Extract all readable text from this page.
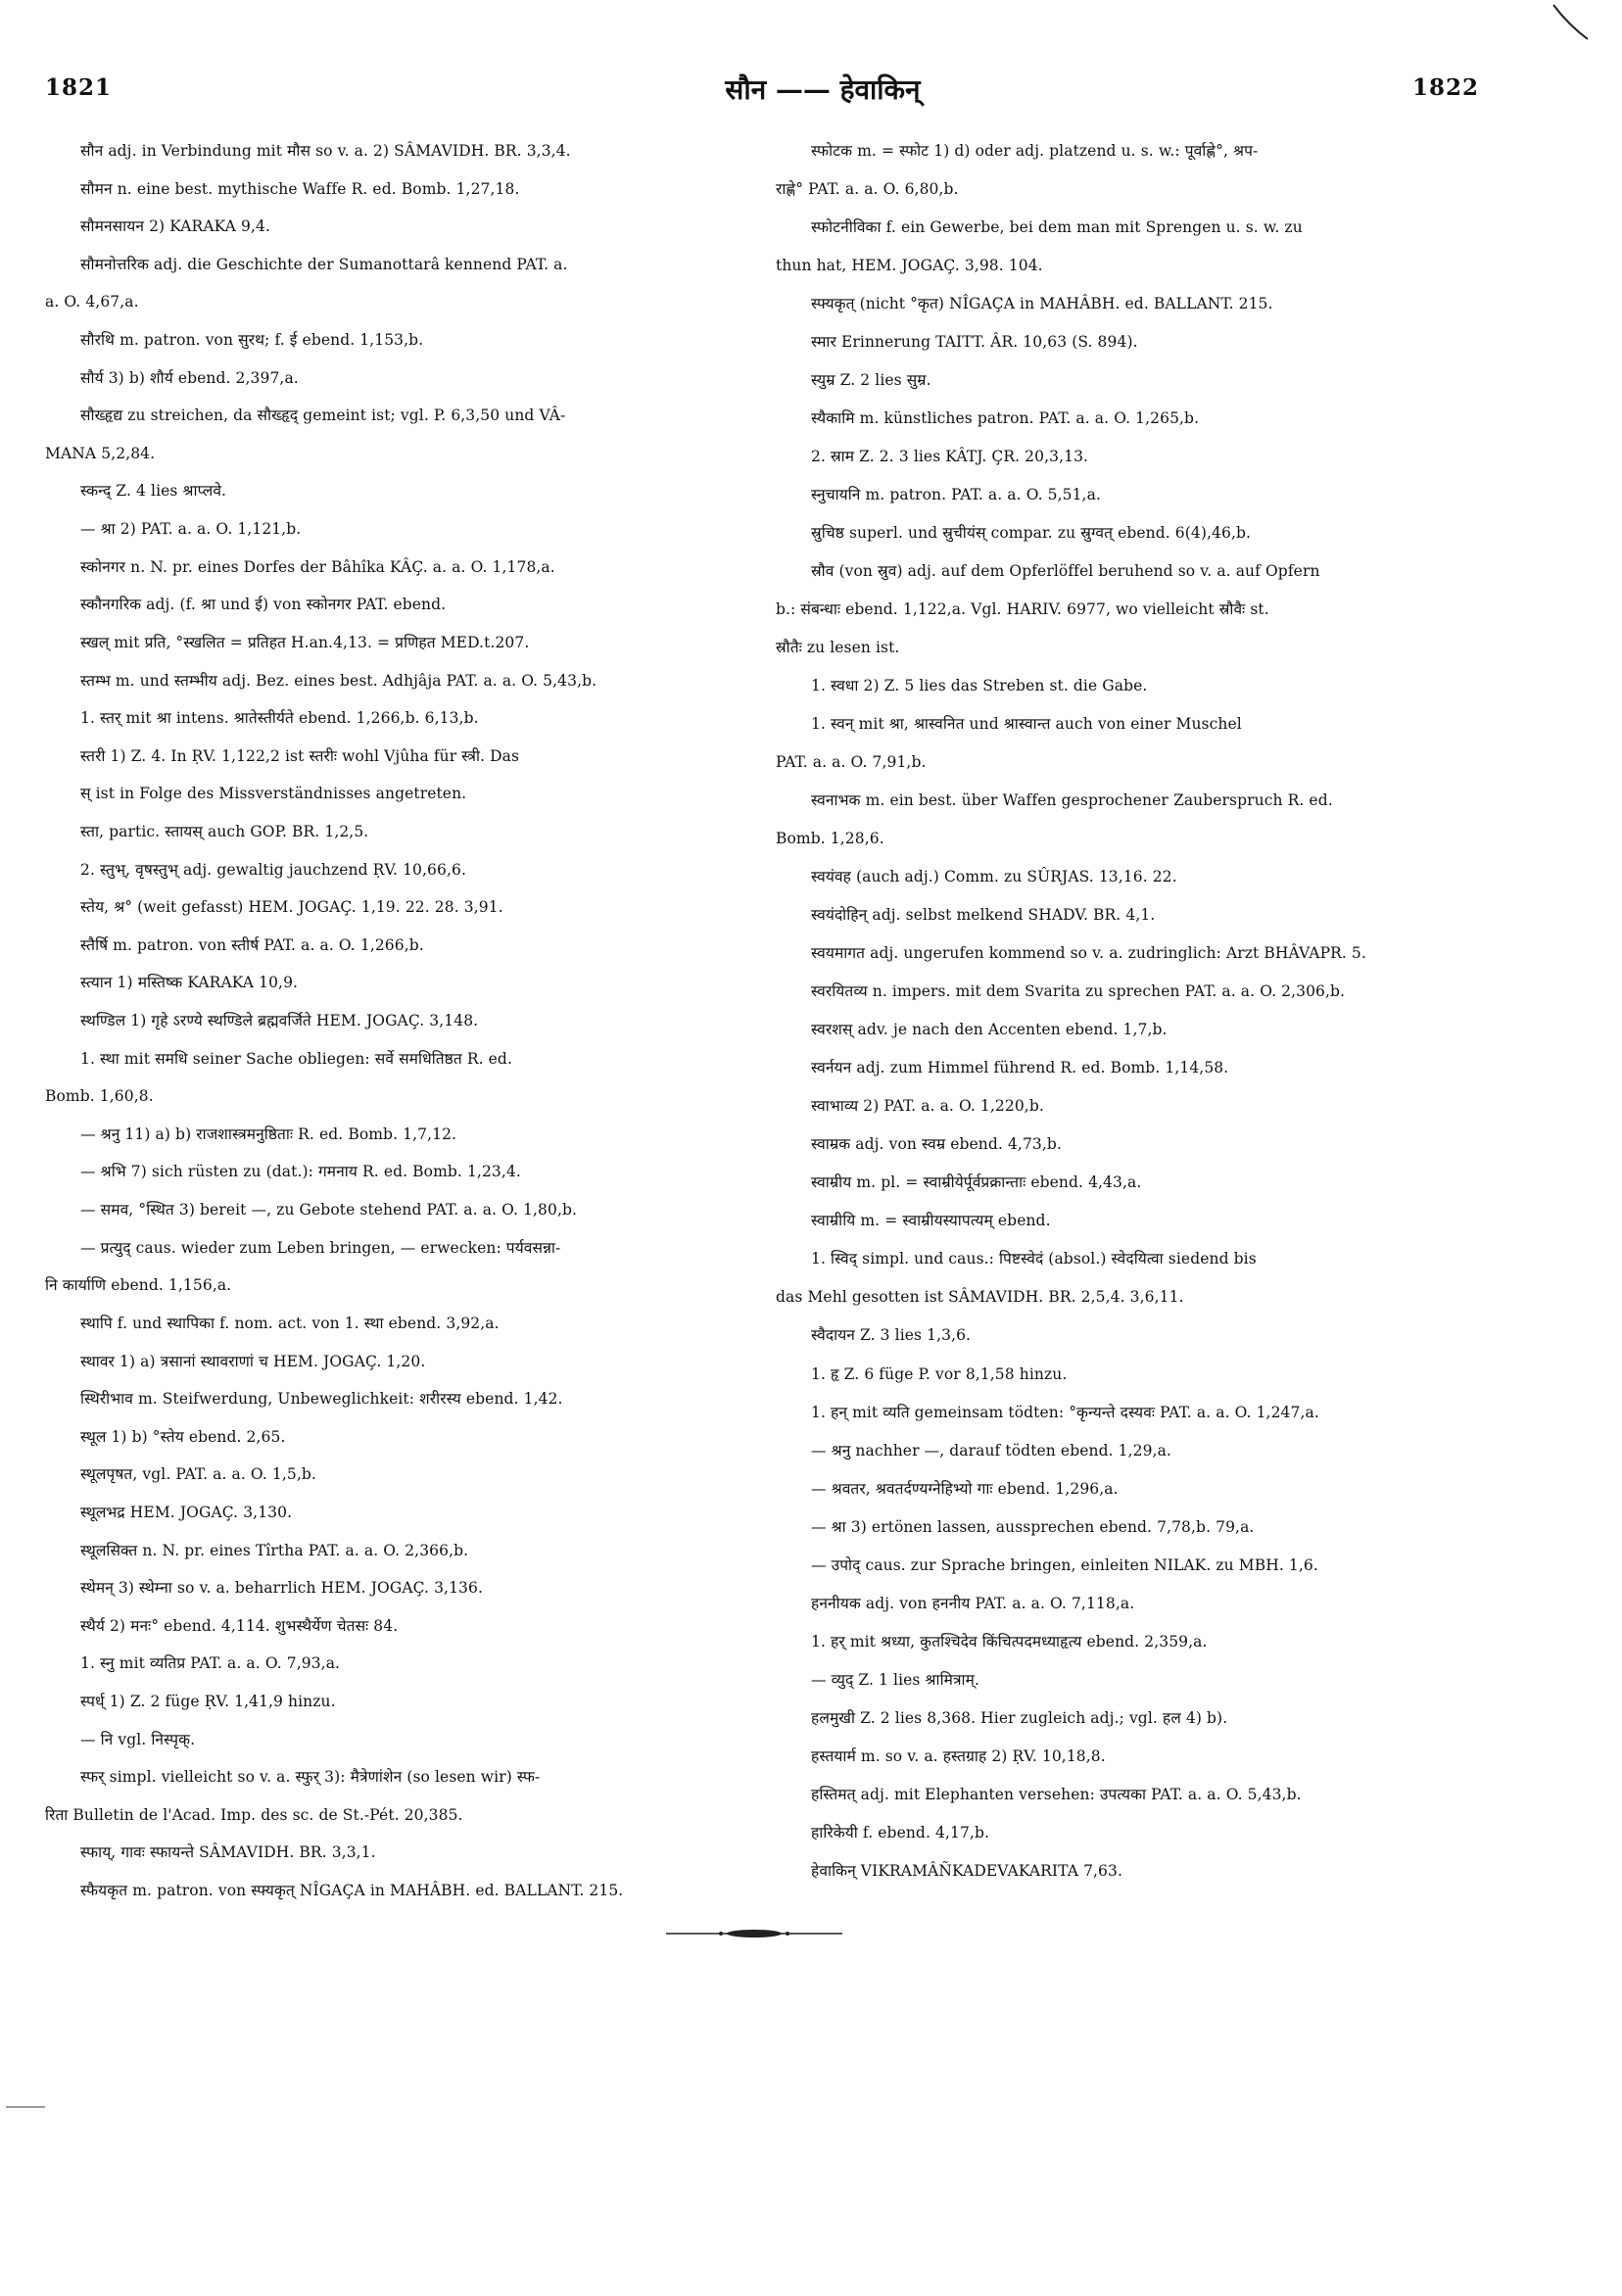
1821	सौन —— हेवाकिन्	1822
सौन adj. in Verbindung mit मौस so v. a. 2) SÂMAVIDH. BR. 3,3,4.
सौमन n. eine best. mythische Waffe R. ed. Bomb. 1,27,18.
सौमनसायन 2) KARAKA 9,4.
सौमनोत्तरिक adj. die Geschichte der Sumanottarâ kennend PAT. a.
a. O. 4,67,a.
सौरथि m. patron. von सुरथ; f. ई ebend. 1,153,b.
सौर्य 3) b) शौर्य ebend. 2,397,a.
सौख्हृद्य zu streichen, da सौख्हृद् gemeint ist; vgl. P. 6,3,50 und VÂ-
MANA 5,2,84.
स्कन्द् Z. 4 lies श्राप्लवे.
— श्रा 2) PAT. a. a. O. 1,121,b.
स्कोनगर n. N. pr. eines Dorfes der Bâhîka KÂÇ. a. a. O. 1,178,a.
स्कौनगरिक adj. (f. श्रा und ई) von स्कोनगर PAT. ebend.
स्खल् mit प्रति, °स्खलित = प्रतिहत H.an.4,13. = प्रणिहत MED.t.207.
स्तम्भ m. und स्तम्भीय adj. Bez. eines best. Adhjâja PAT. a. a. O. 5,43,b.
1. स्तर् mit श्रा intens. श्रातेस्तीर्यते ebend. 1,266,b. 6,13,b.
स्तरी 1) Z. 4. In ṚV. 1,122,2 ist स्तरीः wohl Vjûha für स्त्री. Das
स् ist in Folge des Missverständnisses angetreten.
स्ता, partic. स्तायस् auch GOP. BR. 1,2,5.
2. स्तुभ्, वृषस्तुभ् adj. gewaltig jauchzend ṚV. 10,66,6.
स्तेय, श्र° (weit gefasst) HEM. JOGAÇ. 1,19. 22. 28. 3,91.
स्तैर्षि m. patron. von स्तीर्ष PAT. a. a. O. 1,266,b.
स्त्यान 1) मस्तिष्क KARAKA 10,9.
स्थण्डिल 1) गृहे ऽरण्ये स्थण्डिले ब्रह्मवर्जिते HEM. JOGAÇ. 3,148.
1. स्था mit समधि seiner Sache obliegen: सर्वे समधितिष्ठत R. ed.
Bomb. 1,60,8.
— श्रनु 11) a) b) राजशास्त्रमनुष्ठिताः R. ed. Bomb. 1,7,12.
— श्रभि 7) sich rüsten zu (dat.): गमनाय R. ed. Bomb. 1,23,4.
— समव, °स्थित 3) bereit —, zu Gebote stehend PAT. a. a. O. 1,80,b.
— प्रत्युद् caus. wieder zum Leben bringen, — erwecken: पर्यवसन्ना-
नि कार्याणि ebend. 1,156,a.
स्थापि f. und स्थापिका f. nom. act. von 1. स्था ebend. 3,92,a.
स्थावर 1) a) त्रसानां स्थावराणां च HEM. JOGAÇ. 1,20.
स्थिरीभाव m. Steifwerdung, Unbeweglichkeit: शरीरस्य ebend. 1,42.
स्थूल 1) b) °स्तेय ebend. 2,65.
स्थूलपृषत, vgl. PAT. a. a. O. 1,5,b.
स्थूलभद्र HEM. JOGAÇ. 3,130.
स्थूलसिक्त n. N. pr. eines Tîrtha PAT. a. a. O. 2,366,b.
स्थेमन् 3) स्थेम्ना so v. a. beharrlich HEM. JOGAÇ. 3,136.
स्थैर्य 2) मनः° ebend. 4,114. शुभस्थैर्येण चेतसः 84.
1. स्नु mit व्यतिप्र PAT. a. a. O. 7,93,a.
स्पर्ध् 1) Z. 2 füge ṚV. 1,41,9 hinzu.
— नि vgl. निस्पृक्.
स्फर् simpl. vielleicht so v. a. स्फुर् 3): मैत्रेणांशेन (so lesen wir) स्फ-
रिता Bulletin de l'Acad. Imp. des sc. de St.-Pét. 20,385.
स्फाय्, गावः स्फायन्ते SÂMAVIDH. BR. 3,3,1.
स्फैयकृत m. patron. von स्फ्यकृत् NÎGAÇA in MAHÂBH. ed. BALLANT. 215.
स्फोटक m. = स्फोट 1) d) oder adj. platzend u. s. w.: पूर्वाह्णे°, श्रप-
राह्णे° PAT. a. a. O. 6,80,b.
स्फोटनीविका f. ein Gewerbe, bei dem man mit Sprengen u. s. w. zu
thun hat, HEM. JOGAÇ. 3,98. 104.
स्फ्यकृत् (nicht °कृत) NÎGAÇA in MAHÂBH. ed. BALLANT. 215.
स्मार Erinnerung TAITT. ÂR. 10,63 (S. 894).
स्युम्र Z. 2 lies सुम्र.
स्यैकामि m. künstliches patron. PAT. a. a. O. 1,265,b.
2. स्राम Z. 2. 3 lies KÂTJ. ÇR. 20,3,13.
स्नुचायनि m. patron. PAT. a. a. O. 5,51,a.
स्रुचिष्ठ superl. und स्रुचीयंस् compar. zu स्रुग्वत् ebend. 6(4),46,b.
स्रौव (von स्रुव) adj. auf dem Opferlöffel beruhend so v. a. auf Opfern
b.: संबन्धाः ebend. 1,122,a. Vgl. HARIV. 6977, wo vielleicht स्रौवैः st.
स्रौतैः zu lesen ist.
1. स्वधा 2) Z. 5 lies das Streben st. die Gabe.
1. स्वन् mit श्रा, श्रास्वनित und श्रास्वान्त auch von einer Muschel
PAT. a. a. O. 7,91,b.
स्वनाभक m. ein best. über Waffen gesprochener Zauberspruch R. ed.
Bomb. 1,28,6.
स्वयंवह (auch adj.) Comm. zu SÛRJAS. 13,16. 22.
स्वयंदोहिन् adj. selbst melkend SHADV. BR. 4,1.
स्वयमागत adj. ungerufen kommend so v. a. zudringlich: Arzt BHÂVAPR. 5.
स्वरयितव्य n. impers. mit dem Svarita zu sprechen PAT. a. a. O. 2,306,b.
स्वरशस् adv. je nach den Accenten ebend. 1,7,b.
स्वर्नयन adj. zum Himmel führend R. ed. Bomb. 1,14,58.
स्वाभाव्य 2) PAT. a. a. O. 1,220,b.
स्वाम्रक adj. von स्वम्र ebend. 4,73,b.
स्वाम्रीय m. pl. = स्वाम्रीयेर्पूर्वप्रक्रान्ताः ebend. 4,43,a.
स्वाम्रीयि m. = स्वाम्रीयस्यापत्यम् ebend.
1. स्विद् simpl. und caus.: पिष्टस्वेदं (absol.) स्वेदयित्वा siedend bis
das Mehl gesotten ist SÂMAVIDH. BR. 2,5,4. 3,6,11.
स्वैदायन Z. 3 lies 1,3,6.
1. हृ Z. 6 füge P. vor 8,1,58 hinzu.
1. हन् mit व्यति gemeinsam tödten: °कृन्यन्ते दस्यवः PAT. a. a. O. 1,247,a.
— श्रनु nachher —, darauf tödten ebend. 1,29,a.
— श्रवतर, श्रवतर्दण्यग्नेहिभ्यो गाः ebend. 1,296,a.
— श्रा 3) ertönen lassen, aussprechen ebend. 7,78,b. 79,a.
— उपोद् caus. zur Sprache bringen, einleiten NILAK. zu MBH. 1,6.
हननीयक adj. von हननीय PAT. a. a. O. 7,118,a.
1. हर् mit श्रध्या, कुतश्चिदेव किंचित्पदमध्याहृत्य ebend. 2,359,a.
— व्युद् Z. 1 lies श्रामित्राम्.
हलमुखी Z. 2 lies 8,368. Hier zugleich adj.; vgl. हल 4) b).
हस्तयार्म m. so v. a. हस्तग्राह 2) ṚV. 10,18,8.
हस्तिमत् adj. mit Elephanten versehen: उपत्यका PAT. a. a. O. 5,43,b.
हारिकेयी f. ebend. 4,17,b.
हेवाकिन् VIKRAMÂÑKADEVAKARITA 7,63.
